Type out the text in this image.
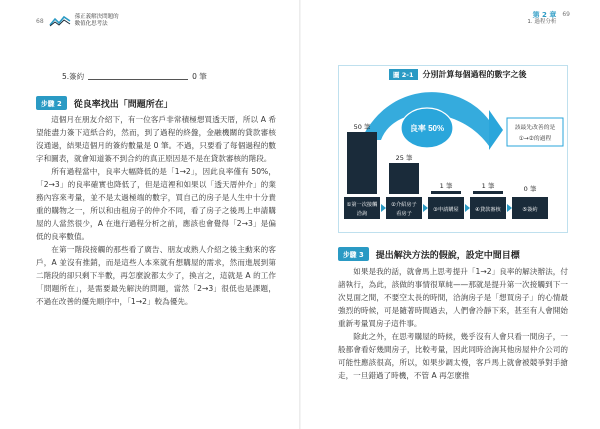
68
孫正義解決問題的
數值化思考法
第 2 章
1. 過程分析
69
5.簽約	0 筆
步驟 2	從良率找出「問題所在」

這個月在朋友介紹下，有一位客戶非常積極想買透天厝，所以 A 希望能盡力簽下這紙合約，然而，到了過程的終盤，金融機關的貸款審核沒通過，結果這個月的簽約數量是 0 筆。不過，只要看了每個過程的數字和圖表，就會知道簽不到合約的真正原因是不是在貸款審核的階段。

所有過程當中，良率大幅降低的是「1→2」，因此良率僅有 50%，「2→3」的良率確實也降低了，但是這裡和如果以「透天厝仲介」的業務內容來考量，並不是太過極端的數字，買自己的房子是人生中十分貴重的購物之一，所以和由租房子的仲介不同，看了房子之後馬上申請購屋的人當然很少，A 在進行過程分析之前，應該也會覺得「2→3」是偏低的良率數值。

在第一階段接觸的那些看了廣告、朋友或熟人介紹之後主動來的客戶，A 並沒有推銷，而是這些人本來就有想購屋的需求，然而進展到第二階段的卻只剩下半數，再怎麼說都太少了，換言之，這就是 A 的工作「問題所在」，是需要最先解決的問題，當然「2→3」很低也是課題，不過在改善的優先順序中，「1→2」較為優先。

圖 2-1	分別計算每個過程的數字之後
良率 50%	該最先改善的是
①→②的過程
50 筆
①第一次接觸
洽詢
25 筆
②介紹房子
看房子
1 筆
③申請購屋
1 筆
④貸款審核
0 筆
⑤簽約
步驟 3	提出解決方法的假說，設定中間目標

如果是我的話，就會馬上思考提升「1→2」良率的解決辦法，付諸執行，為此，該做的事情很單純——那就是提升第一次接觸到下一次見面之間，不要空太長的時間，洽詢房子是「想買房子」的心情最強烈的時候，可是隨著時間過去，人們會冷靜下來，甚至有人會開始重新考量買房子這件事。

除此之外，在思考購屋的時候，幾乎沒有人會只看一間房子，一般都會看好幾間房子，比較考量，因此同時洽詢其他房屋仲介公司的可能性應該很高，所以，如果步調太慢，客戶馬上就會被競爭對手搶走，一旦錯過了時機，不管 A 再怎麼推
